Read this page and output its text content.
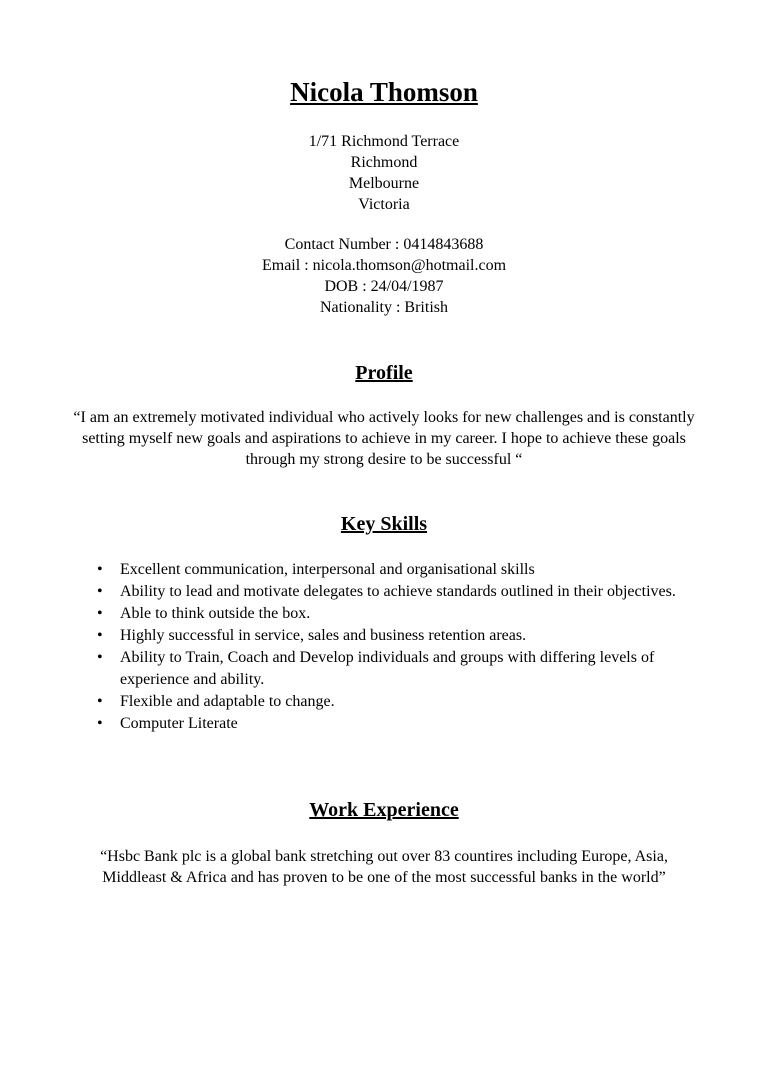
Nicola Thomson
1/71 Richmond Terrace
Richmond
Melbourne
Victoria
Contact Number : 0414843688
Email : nicola.thomson@hotmail.com
DOB : 24/04/1987
Nationality : British
Profile
“I am an extremely motivated individual who actively looks for new challenges and is constantly setting myself new goals and aspirations to achieve in my career. I hope to achieve these goals through my strong desire to be successful “
Key Skills
• Excellent communication, interpersonal and organisational skills
• Ability to lead and motivate delegates to achieve standards outlined in their objectives.
• Able to think outside the box.
• Highly successful in service, sales and business retention areas.
• Ability to Train, Coach and Develop individuals and groups with differing levels of experience and ability.
• Flexible and adaptable to change.
• Computer Literate
Work Experience
“Hsbc Bank plc is a global bank stretching out over 83 countires including Europe, Asia, Middleast & Africa and has proven to be one of the most successful banks in the world”
